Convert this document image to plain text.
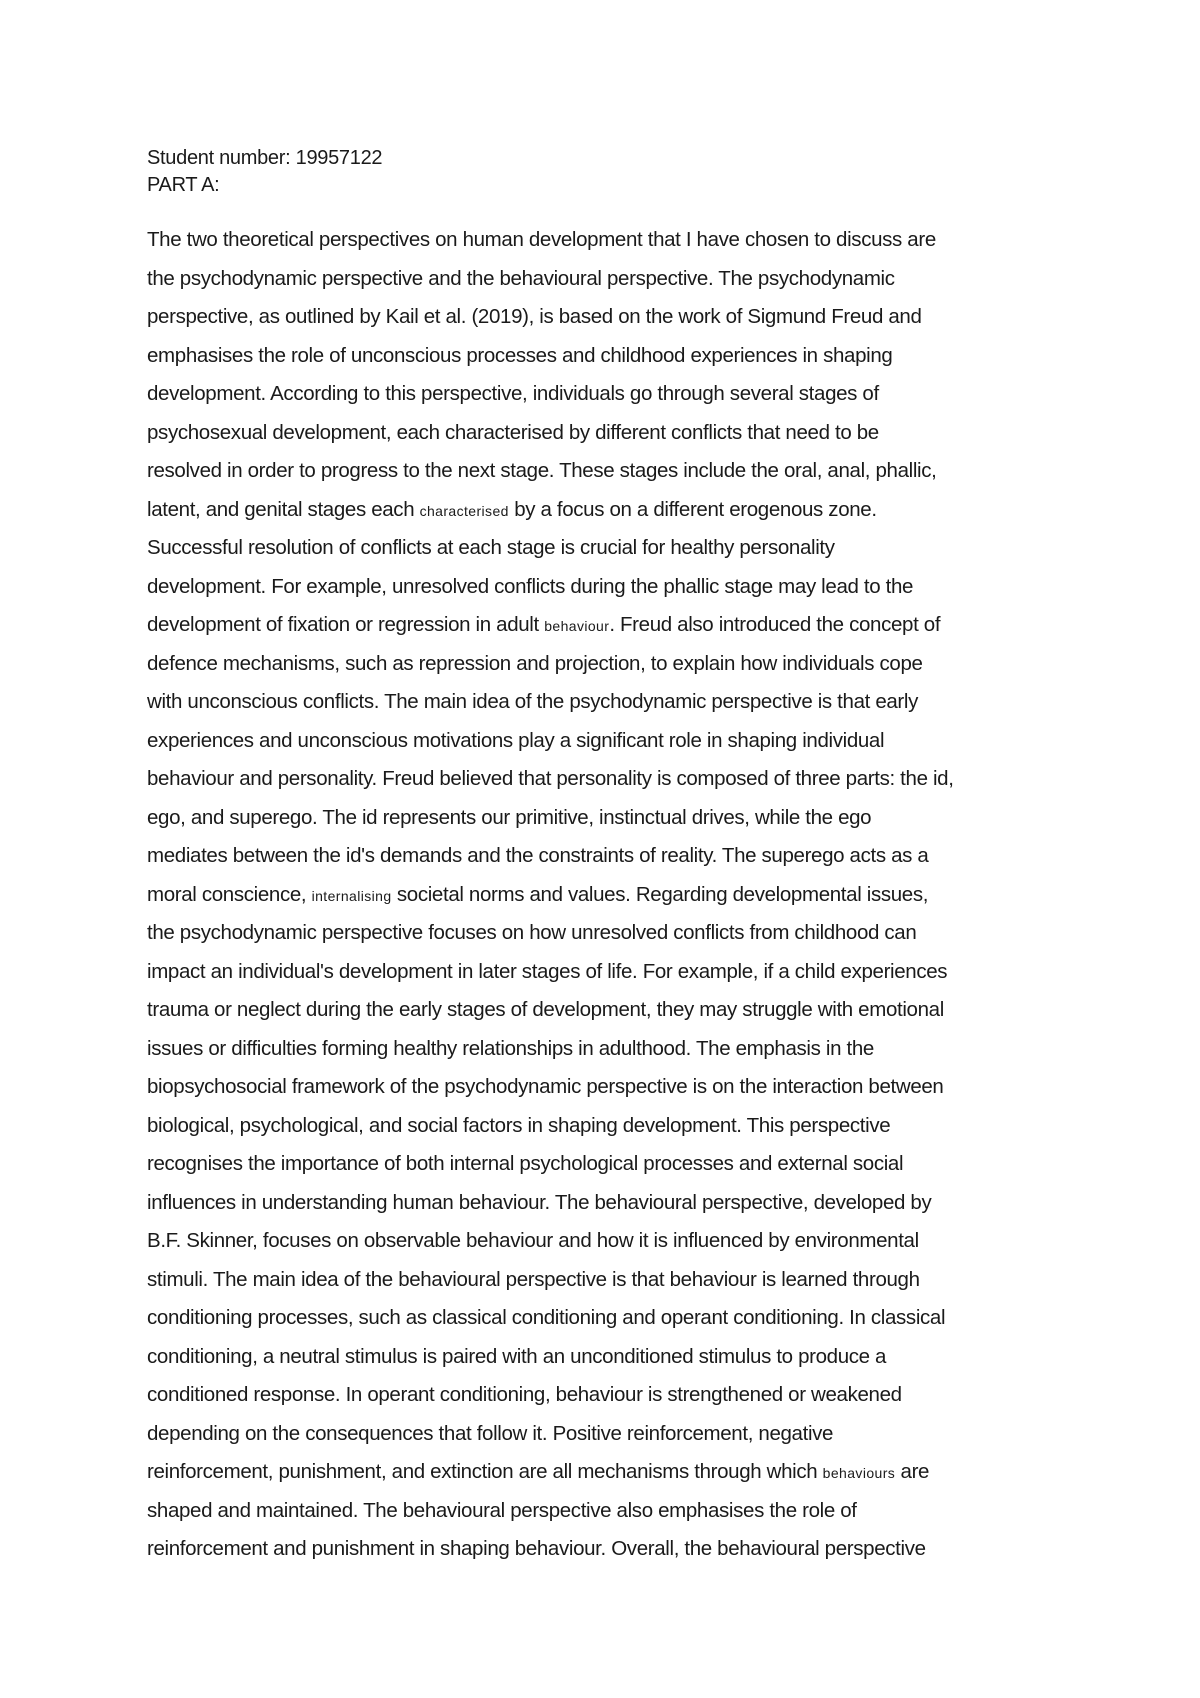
Student number: 19957122
PART A:
The two theoretical perspectives on human development that I have chosen to discuss are
the psychodynamic perspective and the behavioural perspective. The psychodynamic
perspective, as outlined by Kail et al. (2019), is based on the work of Sigmund Freud and
emphasises the role of unconscious processes and childhood experiences in shaping
development. According to this perspective, individuals go through several stages of
psychosexual development, each characterised by different conflicts that need to be
resolved in order to progress to the next stage. These stages include the oral, anal, phallic,
latent, and genital stages each characterised by a focus on a different erogenous zone.
Successful resolution of conflicts at each stage is crucial for healthy personality
development. For example, unresolved conflicts during the phallic stage may lead to the
development of fixation or regression in adult behaviour. Freud also introduced the concept of
defence mechanisms, such as repression and projection, to explain how individuals cope
with unconscious conflicts. The main idea of the psychodynamic perspective is that early
experiences and unconscious motivations play a significant role in shaping individual
behaviour and personality. Freud believed that personality is composed of three parts: the id,
ego, and superego. The id represents our primitive, instinctual drives, while the ego
mediates between the id's demands and the constraints of reality. The superego acts as a
moral conscience, internalising societal norms and values. Regarding developmental issues,
the psychodynamic perspective focuses on how unresolved conflicts from childhood can
impact an individual's development in later stages of life. For example, if a child experiences
trauma or neglect during the early stages of development, they may struggle with emotional
issues or difficulties forming healthy relationships in adulthood. The emphasis in the
biopsychosocial framework of the psychodynamic perspective is on the interaction between
biological, psychological, and social factors in shaping development. This perspective
recognises the importance of both internal psychological processes and external social
influences in understanding human behaviour. The behavioural perspective, developed by
B.F. Skinner, focuses on observable behaviour and how it is influenced by environmental
stimuli. The main idea of the behavioural perspective is that behaviour is learned through
conditioning processes, such as classical conditioning and operant conditioning. In classical
conditioning, a neutral stimulus is paired with an unconditioned stimulus to produce a
conditioned response. In operant conditioning, behaviour is strengthened or weakened
depending on the consequences that follow it. Positive reinforcement, negative
reinforcement, punishment, and extinction are all mechanisms through which behaviours are
shaped and maintained. The behavioural perspective also emphasises the role of
reinforcement and punishment in shaping behaviour. Overall, the behavioural perspective
